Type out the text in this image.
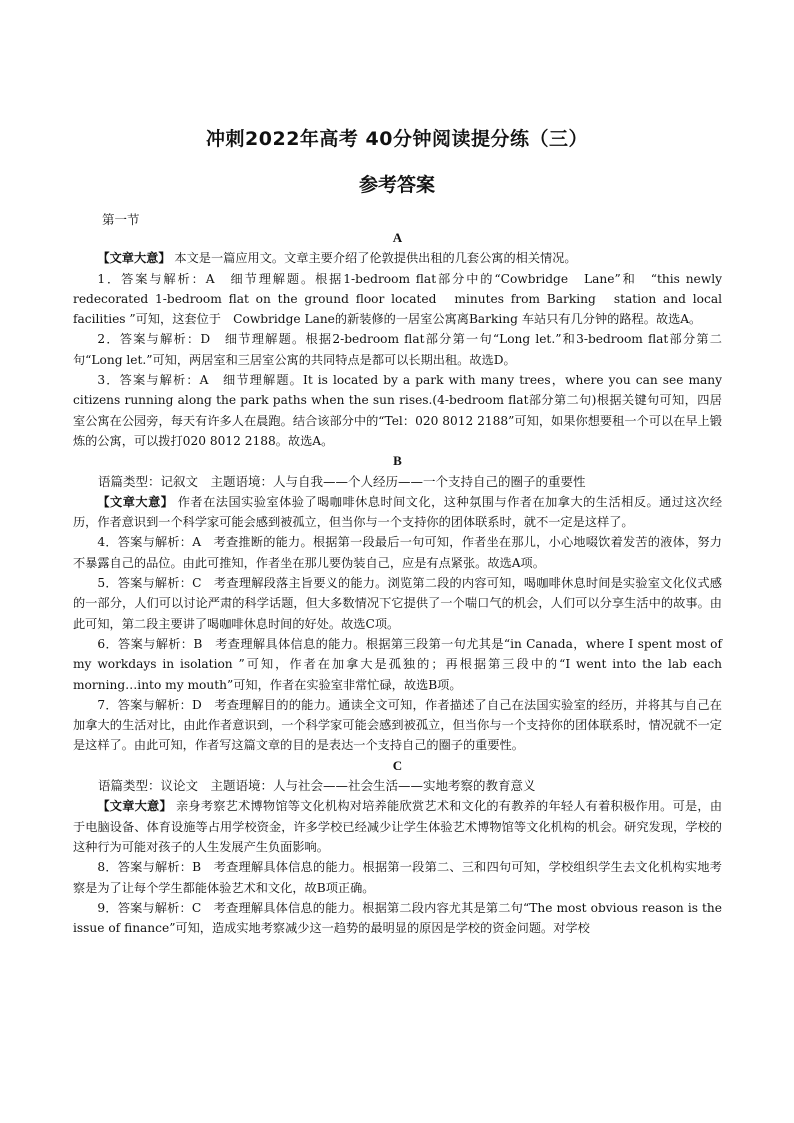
冲刺2022年高考 40分钟阅读提分练（三）
参考答案
第一节

A

【文章大意】 本文是一篇应用文。文章主要介绍了伦敦提供出租的几套公寓的相关情况。

1．答案与解析：A　细节理解题。根据1-bedroom flat部分中的“Cowbridge　Lane”和　“this newly redecorated 1-bedroom flat on the ground floor located　minutes from Barking　station and local facilities ”可知，这套位于　Cowbridge Lane的新装修的一居室公寓离Barking 车站只有几分钟的路程。故选A。

2．答案与解析：D　细节理解题。根据2-bedroom flat部分第一句“Long let.”和3-bedroom flat部分第二句“Long let.”可知，两居室和三居室公寓的共同特点是都可以长期出租。故选D。

3．答案与解析：A　细节理解题。It is located by a park with many trees，where you can see many citizens running along the park paths when the sun rises.(4-bedroom flat部分第二句)根据关键句可知，四居室公寓在公园旁，每天有许多人在晨跑。结合该部分中的“Tel：020 8012 2188”可知，如果你想要租一个可以在早上锻炼的公寓，可以拨打020 8012 2188。故选A。

B

语篇类型：记叙文　主题语境：人与自我——个人经历——一个支持自己的圈子的重要性

【文章大意】 作者在法国实验室体验了喝咖啡休息时间文化，这种氛围与作者在加拿大的生活相反。通过这次经历，作者意识到一个科学家可能会感到被孤立，但当你与一个支持你的团体联系时，就不一定是这样了。

4．答案与解析：A　考查推断的能力。根据第一段最后一句可知，作者坐在那儿，小心地啜饮着发苦的液体，努力不暴露自己的品位。由此可推知，作者坐在那儿要伪装自己，应是有点紧张。故选A项。

5．答案与解析：C　考查理解段落主旨要义的能力。浏览第二段的内容可知，喝咖啡休息时间是实验室文化仪式感的一部分，人们可以讨论严肃的科学话题，但大多数情况下它提供了一个喘口气的机会，人们可以分享生活中的故事。由此可知，第二段主要讲了喝咖啡休息时间的好处。故选C项。

6．答案与解析：B　考查理解具体信息的能力。根据第三段第一句尤其是“in Canada，where I spent most of my workdays in isolation ”可知，作者在加拿大是孤独的；再根据第三段中的“I went into the lab each morning…into my mouth”可知，作者在实验室非常忙碌，故选B项。

7．答案与解析：D　考查理解目的的能力。通读全文可知，作者描述了自己在法国实验室的经历，并将其与自己在加拿大的生活对比，由此作者意识到，一个科学家可能会感到被孤立，但当你与一个支持你的团体联系时，情况就不一定是这样了。由此可知，作者写这篇文章的目的是表达一个支持自己的圈子的重要性。

C

语篇类型：议论文　主题语境：人与社会——社会生活——实地考察的教育意义

【文章大意】 亲身考察艺术博物馆等文化机构对培养能欣赏艺术和文化的有教养的年轻人有着积极作用。可是，由于电脑设备、体育设施等占用学校资金，许多学校已经减少让学生体验艺术博物馆等文化机构的机会。研究发现，学校的这种行为可能对孩子的人生发展产生负面影响。

8．答案与解析：B　考查理解具体信息的能力。根据第一段第二、三和四句可知，学校组织学生去文化机构实地考察是为了让每个学生都能体验艺术和文化，故B项正确。

9．答案与解析：C　考查理解具体信息的能力。根据第二段内容尤其是第二句“The most obvious reason is the issue of finance”可知，造成实地考察减少这一趋势的最明显的原因是学校的资金问题。对学校
